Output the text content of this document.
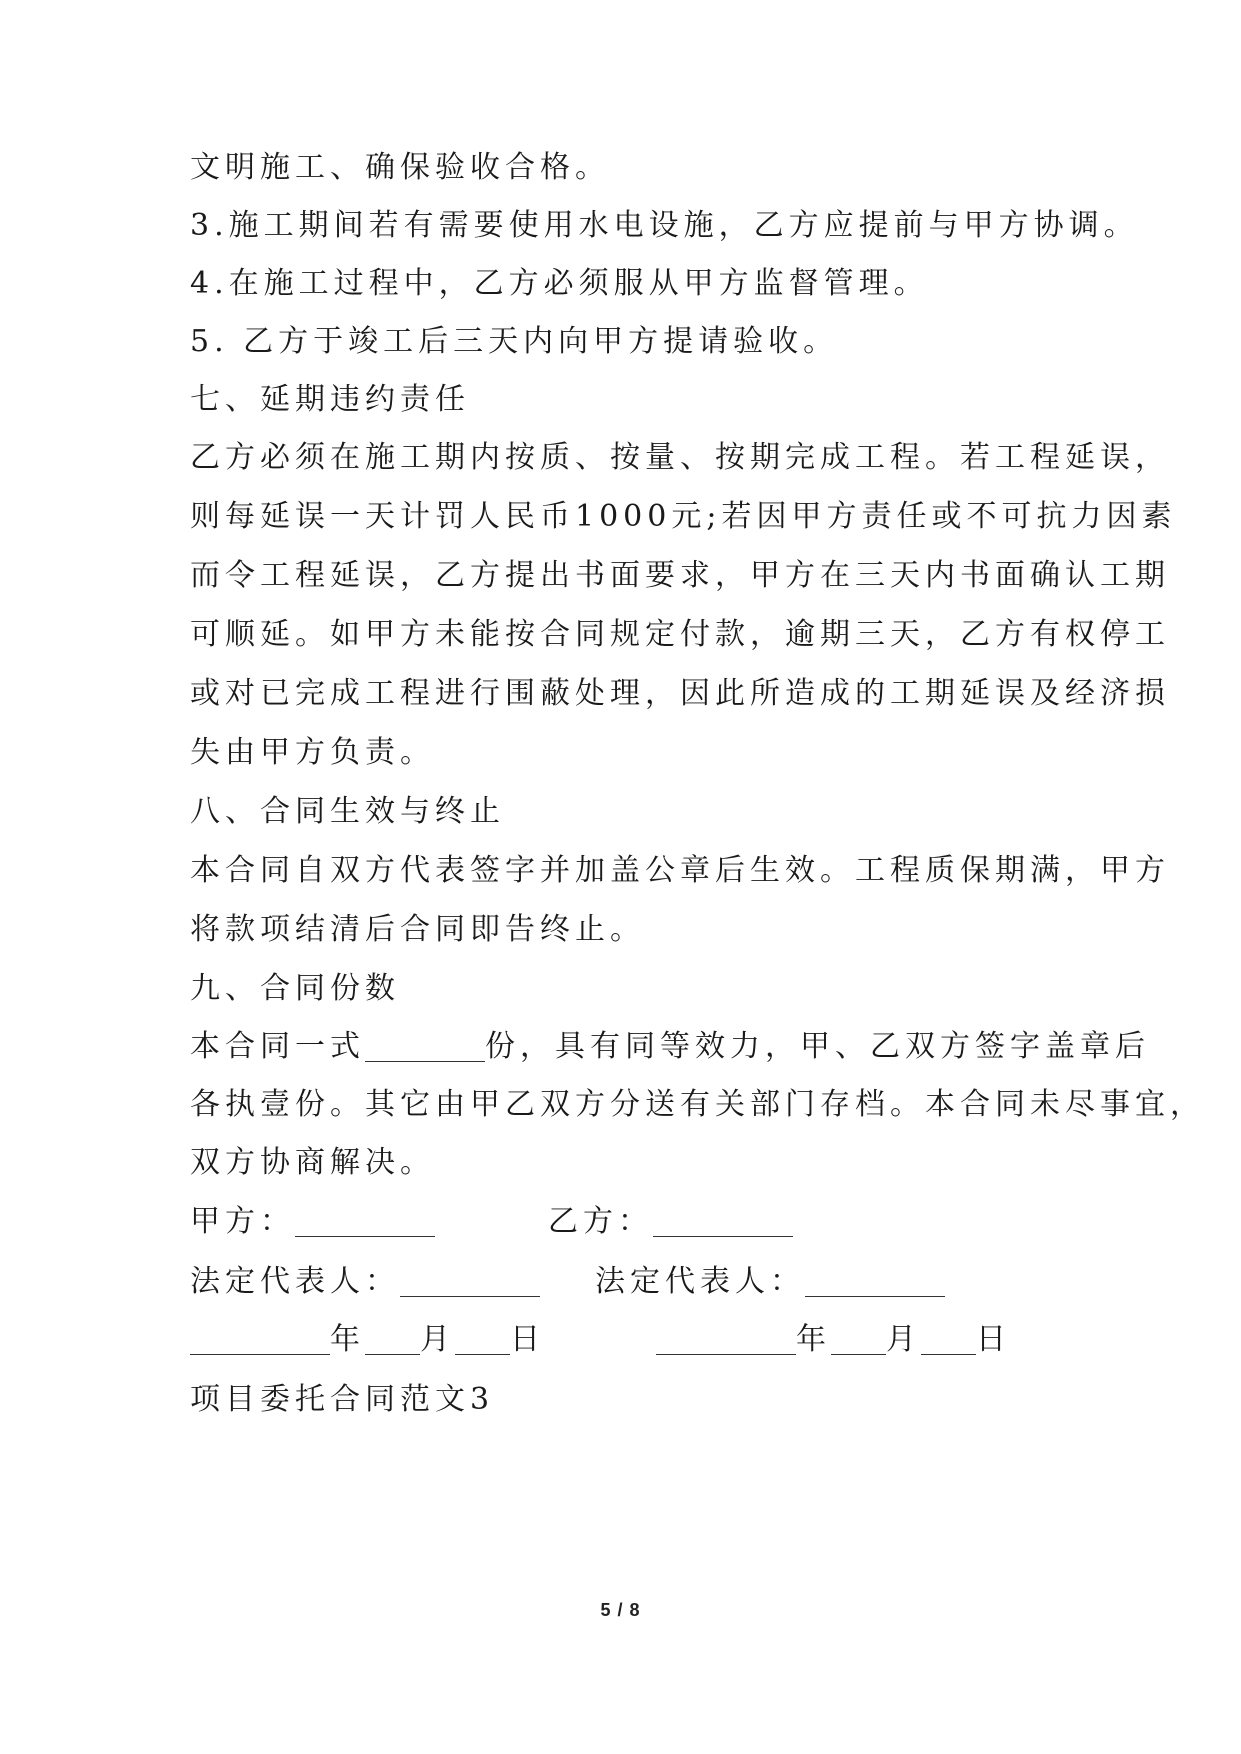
文明施工、确保验收合格。
3.施工期间若有需要使用水电设施，乙方应提前与甲方协调。
4.在施工过程中，乙方必须服从甲方监督管理。
5. 乙方于竣工后三天内向甲方提请验收。
七、延期违约责任
乙方必须在施工期内按质、按量、按期完成工程。若工程延误，
则每延误一天计罚人民币1000元;若因甲方责任或不可抗力因素
而令工程延误，乙方提出书面要求，甲方在三天内书面确认工期
可顺延。如甲方未能按合同规定付款，逾期三天，乙方有权停工
或对已完成工程进行围蔽处理，因此所造成的工期延误及经济损
失由甲方负责。
八、合同生效与终止
本合同自双方代表签字并加盖公章后生效。工程质保期满，甲方
将款项结清后合同即告终止。
九、合同份数
本合同一式	份，具有同等效力，甲、乙双方签字盖章后
各执壹份。其它由甲乙双方分送有关部门存档。本合同未尽事宜，
双方协商解决。
甲方：	乙方：
法定代表人：	法定代表人：
年 月 日	年 月 日
项目委托合同范文3
5 / 8
